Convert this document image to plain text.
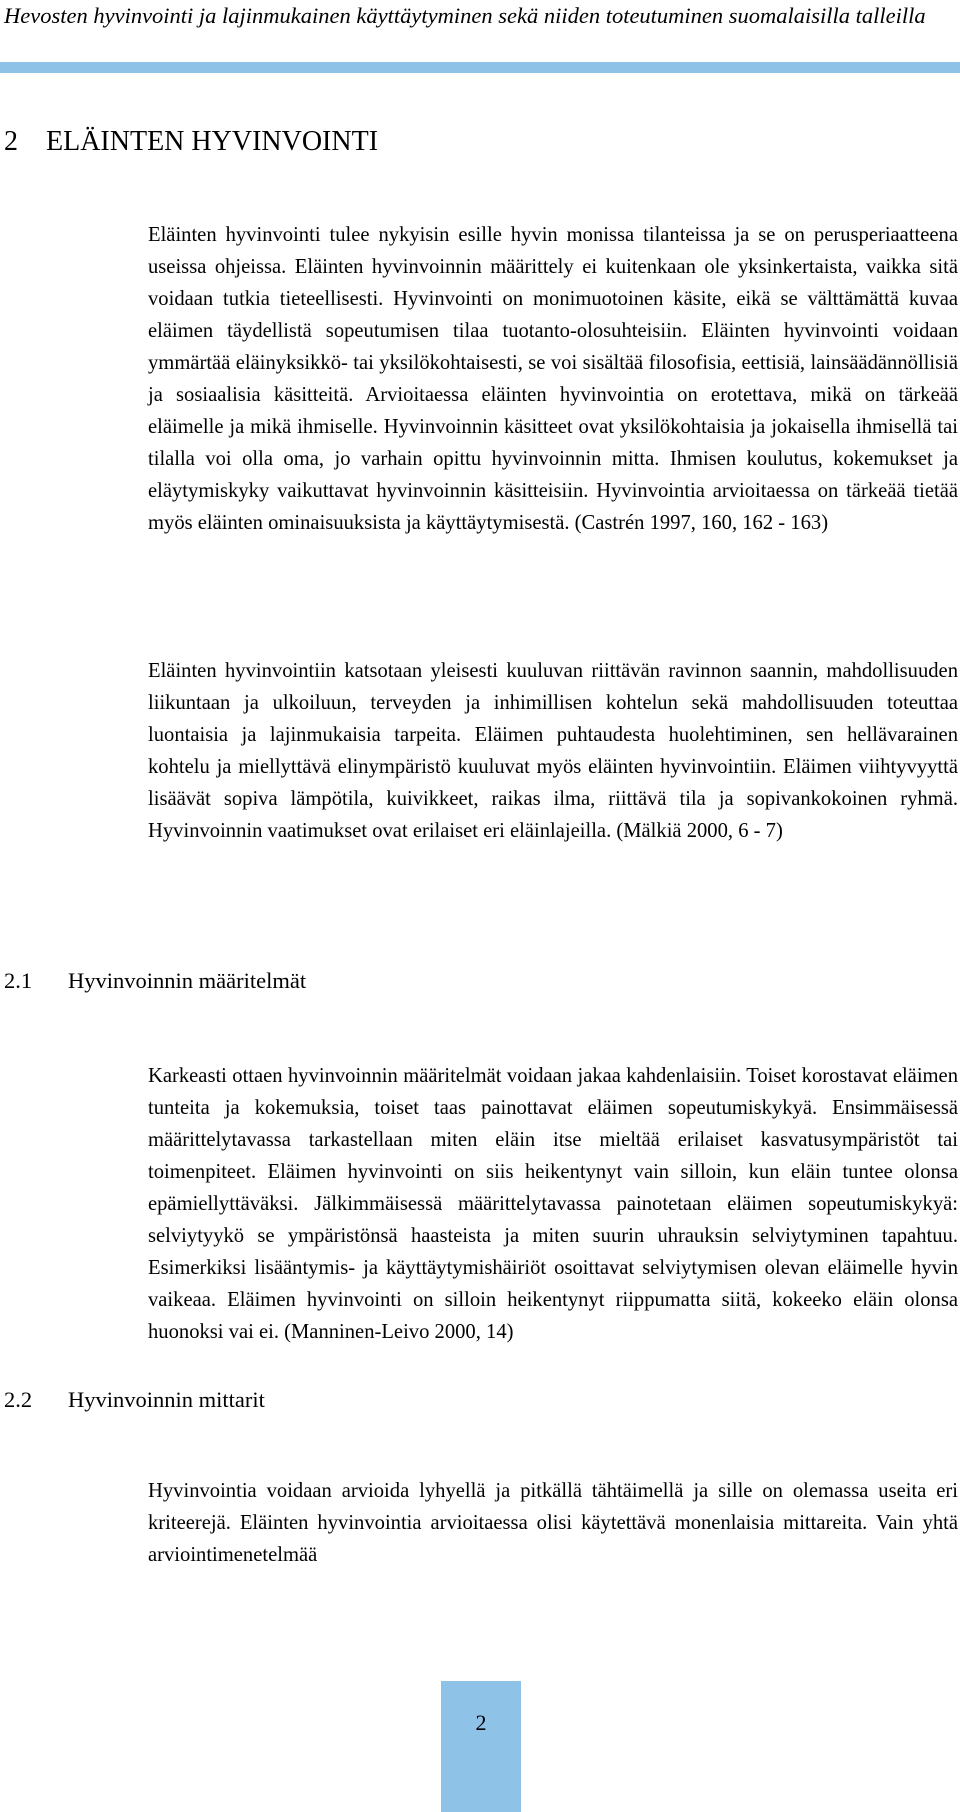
Hevosten hyvinvointi ja lajinmukainen käyttäytyminen sekä niiden toteutuminen suomalaisilla talleilla
2 ELÄINTEN HYVINVOINTI

Eläinten hyvinvointi tulee nykyisin esille hyvin monissa tilanteissa ja se on perusperiaatteena useissa ohjeissa. Eläinten hyvinvoinnin määrittely ei kuitenkaan ole yksinkertaista, vaikka sitä voidaan tutkia tieteellisesti. Hyvinvointi on monimuotoinen käsite, eikä se välttämättä kuvaa eläimen täydellistä sopeutumisen tilaa tuotanto-olosuhteisiin. Eläinten hyvinvointi voidaan ymmärtää eläinyksikkö- tai yksilökohtaisesti, se voi sisältää filosofisia, eettisiä, lainsäädännöllisiä ja sosiaalisia käsitteitä. Arvioitaessa eläinten hyvinvointia on erotettava, mikä on tärkeää eläimelle ja mikä ihmiselle. Hyvinvoinnin käsitteet ovat yksilökohtaisia ja jokaisella ihmisellä tai tilalla voi olla oma, jo varhain opittu hyvinvoinnin mitta. Ihmisen koulutus, kokemukset ja eläytymiskyky vaikuttavat hyvinvoinnin käsitteisiin. Hyvinvointia arvioitaessa on tärkeää tietää myös eläinten ominaisuuksista ja käyttäytymisestä. (Castrén 1997, 160, 162 - 163)

Eläinten hyvinvointiin katsotaan yleisesti kuuluvan riittävän ravinnon saannin, mahdollisuuden liikuntaan ja ulkoiluun, terveyden ja inhimillisen kohtelun sekä mahdollisuuden toteuttaa luontaisia ja lajinmukaisia tarpeita. Eläimen puhtaudesta huolehtiminen, sen hellävarainen kohtelu ja miellyttävä elinympäristö kuuluvat myös eläinten hyvinvointiin. Eläimen viihtyvyyttä lisäävät sopiva lämpötila, kuivikkeet, raikas ilma, riittävä tila ja sopivankokoinen ryhmä. Hyvinvoinnin vaatimukset ovat erilaiset eri eläinlajeilla. (Mälkiä 2000, 6 - 7)

2.1 Hyvinvoinnin määritelmät

Karkeasti ottaen hyvinvoinnin määritelmät voidaan jakaa kahdenlaisiin. Toiset korostavat eläimen tunteita ja kokemuksia, toiset taas painottavat eläimen sopeutumiskykyä. Ensimmäisessä määrittelytavassa tarkastellaan miten eläin itse mieltää erilaiset kasvatusympäristöt tai toimenpiteet. Eläimen hyvinvointi on siis heikentynyt vain silloin, kun eläin tuntee olonsa epämiellyttäväksi. Jälkimmäisessä määrittelytavassa painotetaan eläimen sopeutumiskykyä: selviytyykö se ympäristönsä haasteista ja miten suurin uhrauksin selviytyminen tapahtuu. Esimerkiksi lisääntymis- ja käyttäytymishäiriöt osoittavat selviytymisen olevan eläimelle hyvin vaikeaa. Eläimen hyvinvointi on silloin heikentynyt riippumatta siitä, kokeeko eläin olonsa huonoksi vai ei. (Manninen-Leivo 2000, 14)

2.2 Hyvinvoinnin mittarit

Hyvinvointia voidaan arvioida lyhyellä ja pitkällä tähtäimellä ja sille on olemassa useita eri kriteerejä. Eläinten hyvinvointia arvioitaessa olisi käytettävä monenlaisia mittareita. Vain yhtä arviointimenetelmää

2
